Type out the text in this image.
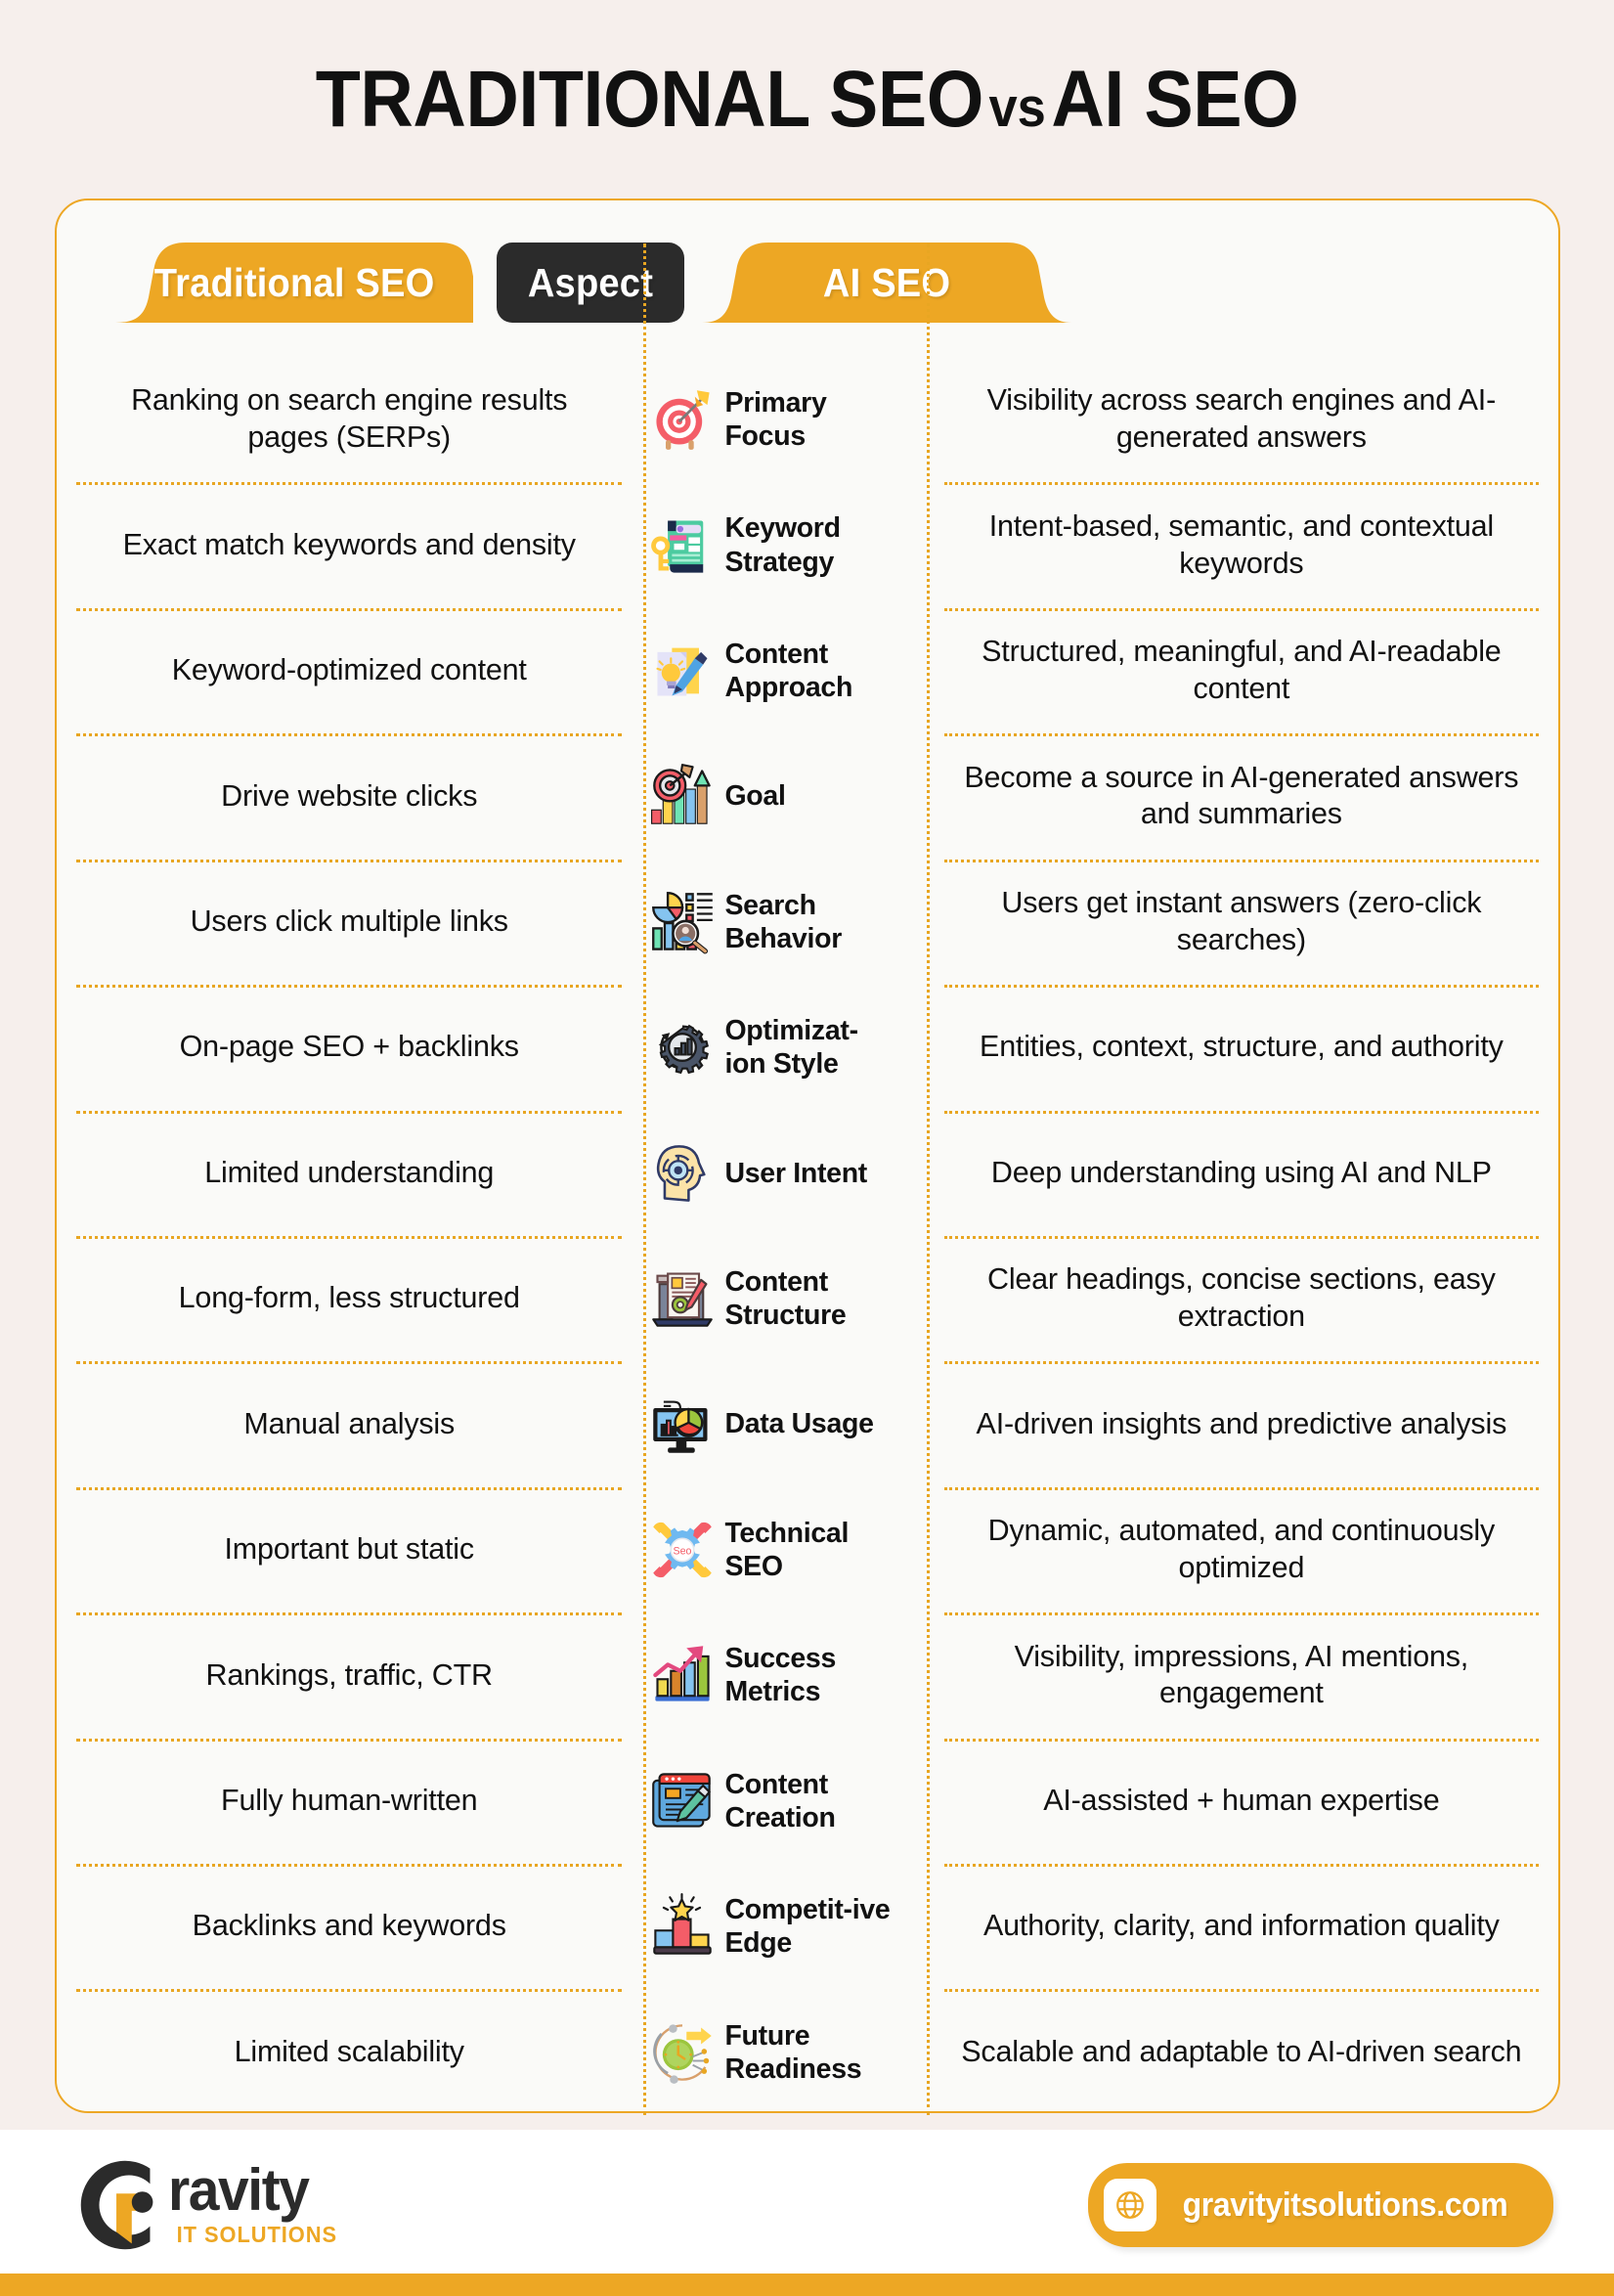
TRADITIONAL SEOvsAI SEO
Traditional SEO Aspect	AI SEO
Ranking on search engine results pages (SERPs)
Exact match keywords and density
Keyword-optimized content
Drive website clicks
Users click multiple links
On-page SEO + backlinks
Limited understanding
Long-form, less structured
Manual analysis
Important but static
Rankings, traffic, CTR
Fully human-written
Backlinks and keywords
Limited scalability
Primary Focus
Keyword Strategy
Content Approach
Goal
Search Behavior
Optimizat-ion Style
User Intent
Content Structure
Data Usage
Seo
Technical SEO
Success Metrics
Content Creation
Competit-ive Edge
Future Readiness
Visibility across search engines and AI-generated answers
Intent-based, semantic, and contextual keywords
Structured, meaningful, and AI-readable content
Become a source in AI-generated answers and summaries
Users get instant answers (zero-click searches)
Entities, context, structure, and authority
Deep understanding using AI and NLP
Clear headings, concise sections, easy extraction
AI-driven insights and predictive analysis
Dynamic, automated, and continuously optimized
Visibility, impressions, AI mentions, engagement
AI-assisted + human expertise
Authority, clarity, and information quality
Scalable and adaptable to AI-driven search
ravity
IT SOLUTIONS
gravityitsolutions.com
